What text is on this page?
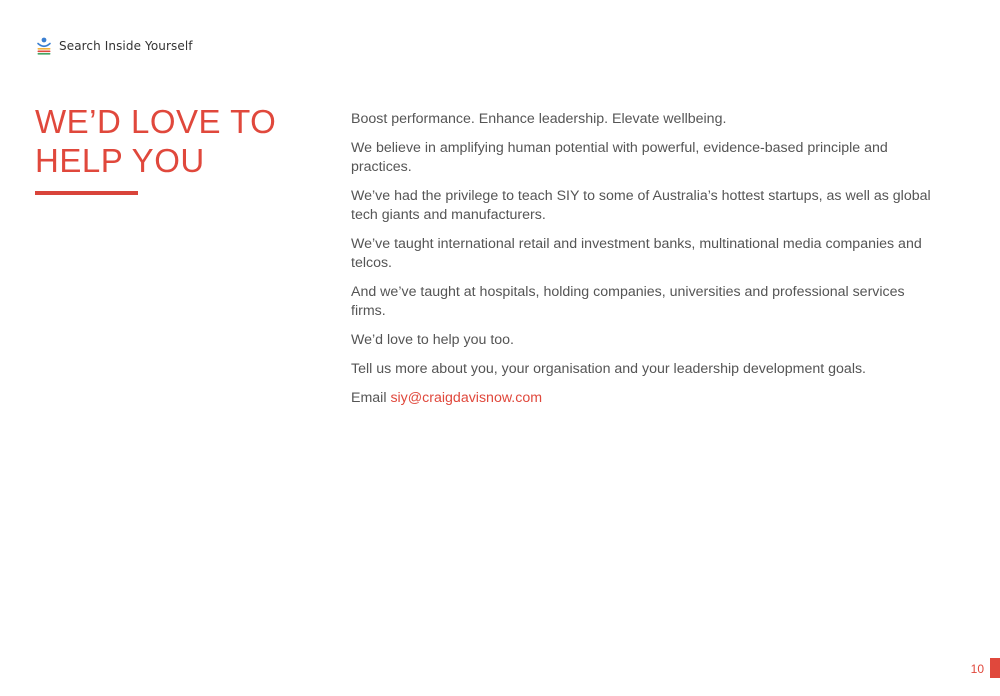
Search Inside Yourself
WE’D LOVE TO HELP YOU

Boost performance. Enhance leadership. Elevate wellbeing.

We believe in amplifying human potential with powerful, evidence-based principle and practices.

We’ve had the privilege to teach SIY to some of Australia’s hottest startups, as well as global tech giants and manufacturers.

We’ve taught international retail and investment banks, multinational media companies and telcos.

And we’ve taught at hospitals, holding companies, universities and professional services firms.

We’d love to help you too.

Tell us more about you, your organisation and your leadership development goals.

Email siy@craigdavisnow.com

10
